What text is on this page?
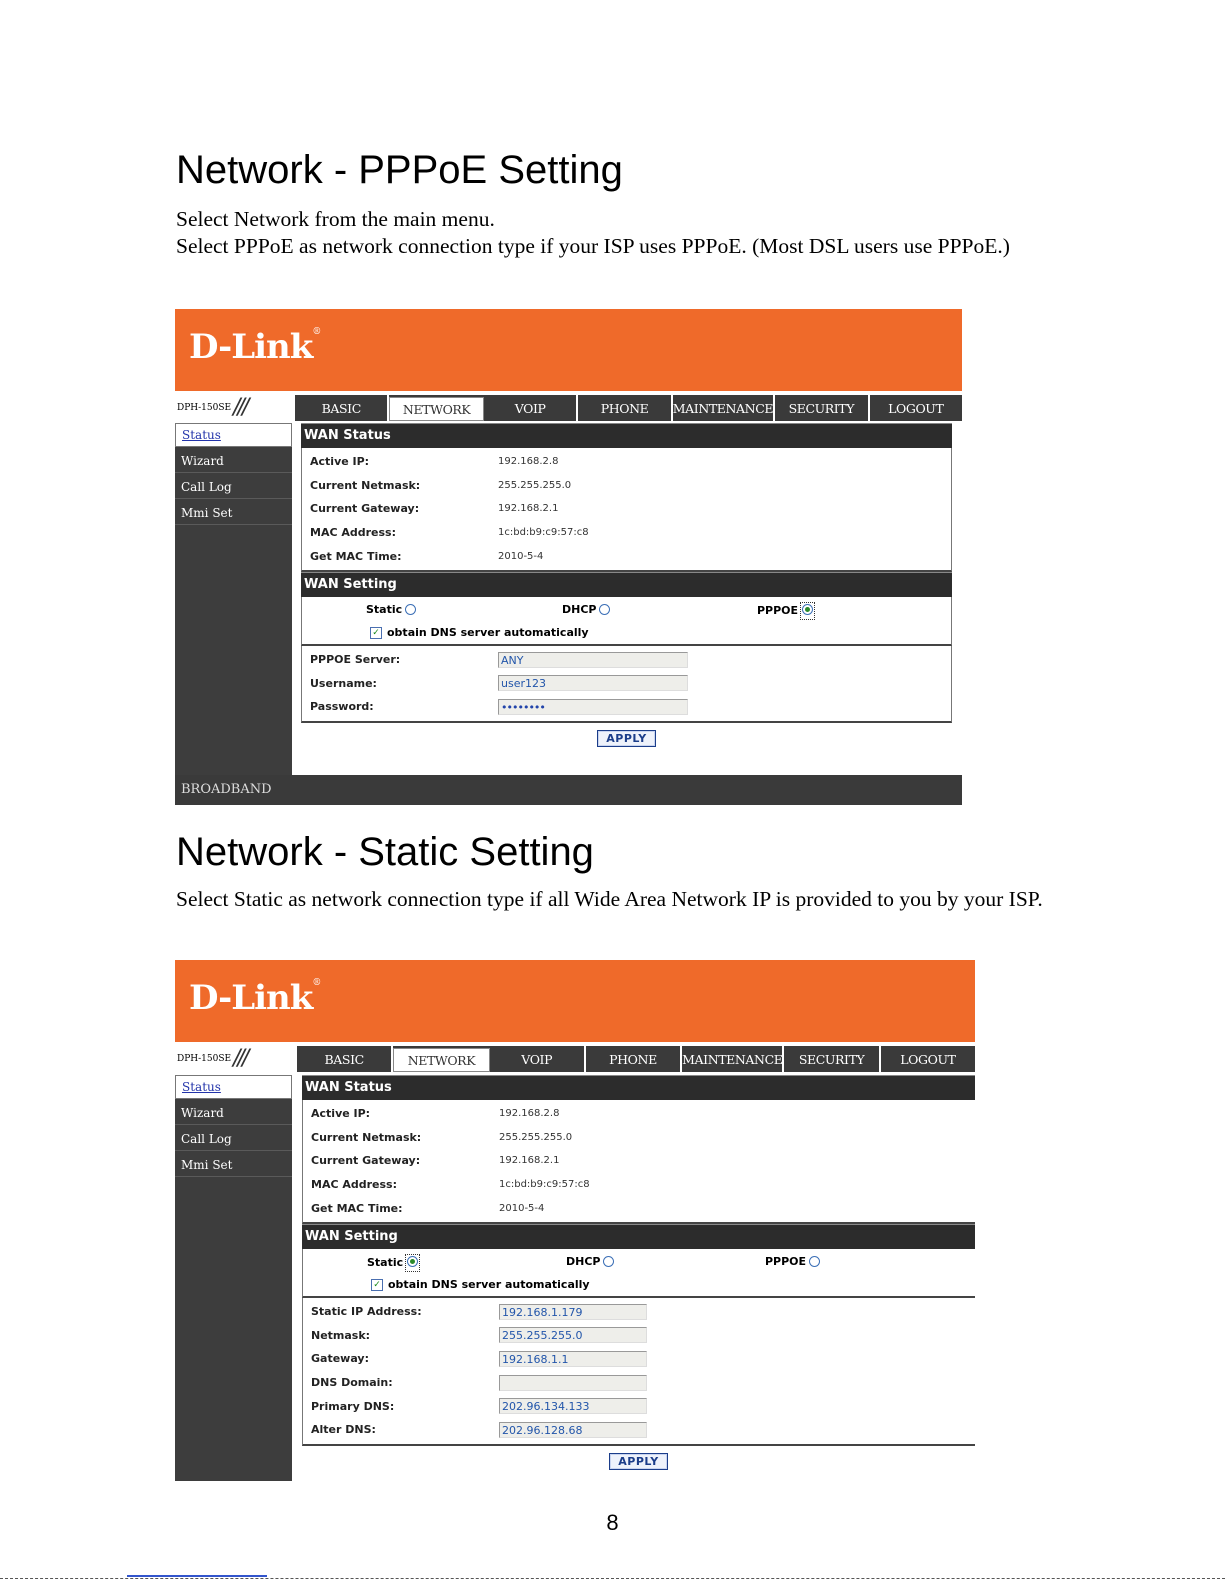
Network - PPPoE Setting

Select Network from the main menu.

Select PPPoE as network connection type if your ISP uses PPPoE. (Most DSL users use PPPoE.)

D-Link®
DPH-150SE ///	BASIC	NETWORK	VOIP	PHONE	MAINTENANCE	SECURITY	LOGOUT
Status
Wizard
Call Log
Mmi Set
BROADBAND
WAN Status
Active IP:	192.168.2.8
Current Netmask:	255.255.255.0
Current Gateway:	192.168.2.1
MAC Address:	1c:bd:b9:c9:57:c8
Get MAC Time:	2010-5-4
WAN Setting
Static	DHCP	PPPOE
✓ obtain DNS server automatically
PPPOE Server:	ANY
Username:	user123
Password:	••••••••
APPLY
Network - Static Setting

Select Static as network connection type if all Wide Area Network IP is provided to you by your ISP.

D-Link®
DPH-150SE ///	BASIC	NETWORK	VOIP	PHONE	MAINTENANCE	SECURITY	LOGOUT
Status
Wizard
Call Log
Mmi Set
WAN Status
Active IP:	192.168.2.8
Current Netmask:	255.255.255.0
Current Gateway:	192.168.2.1
MAC Address:	1c:bd:b9:c9:57:c8
Get MAC Time:	2010-5-4
WAN Setting
Static	DHCP	PPPOE
✓ obtain DNS server automatically
Static IP Address:	192.168.1.179
Netmask:	255.255.255.0
Gateway:	192.168.1.1
DNS Domain:
Primary DNS:	202.96.134.133
Alter DNS:	202.96.128.68
APPLY
8
